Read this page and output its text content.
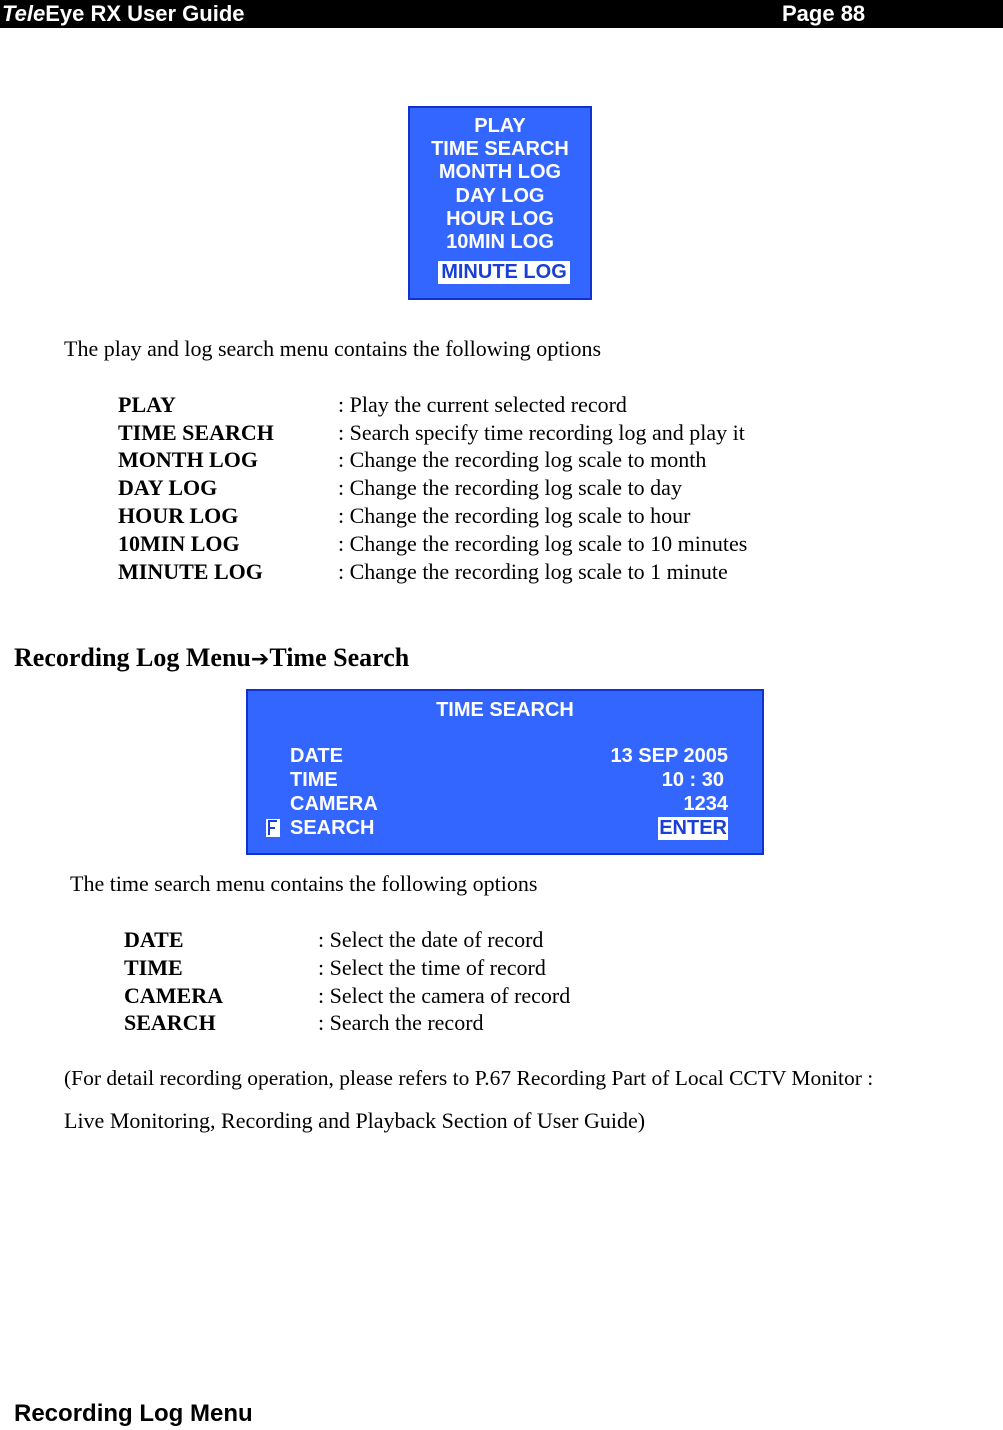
TeleEye RX User Guide	Page 88
PLAY
TIME SEARCH
MONTH LOG
DAY LOG
HOUR LOG
10MIN LOG
MINUTE LOG
The play and log search menu contains the following options
PLAY	: Play the current selected record
TIME SEARCH	: Search specify time recording log and play it
MONTH LOG	: Change the recording log scale to month
DAY LOG	: Change the recording log scale to day
HOUR LOG	: Change the recording log scale to hour
10MIN LOG	: Change the recording log scale to 10 minutes
MINUTE LOG	: Change the recording log scale to 1 minute
Recording Log Menu➔Time Search
TIME SEARCH
DATE	13 SEP 2005
TIME	10 : 30
CAMERA	1234
SEARCH	ENTER
The time search menu contains the following options
DATE	: Select the date of record
TIME	: Select the time of record
CAMERA	: Select the camera of record
SEARCH	: Search the record
(For detail recording operation, please refers to P.67 Recording Part of Local CCTV Monitor :
Live Monitoring, Recording and Playback Section of User Guide)
Recording Log Menu
